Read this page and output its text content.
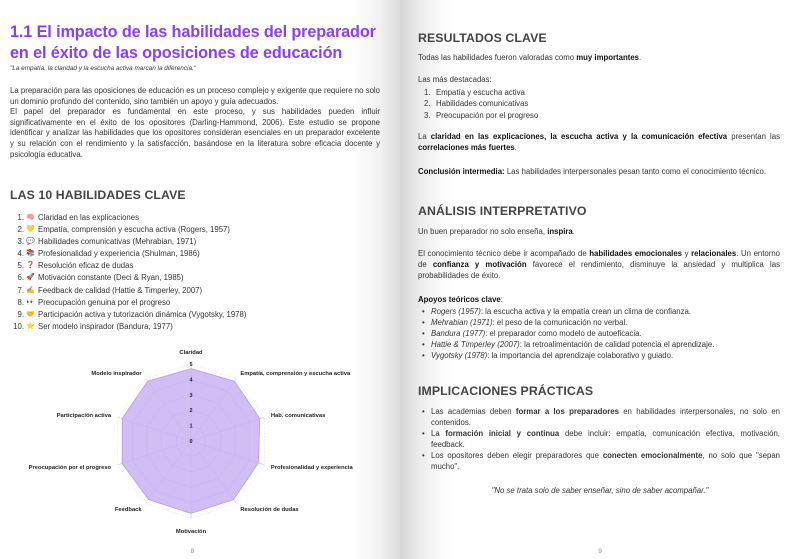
1.1 El impacto de las habilidades del preparador en el éxito de las oposiciones de educación
"La empatía, la claridad y la escucha activa marcan la diferencia."

La preparación para las oposiciones de educación es un proceso complejo y exigente que requiere no solo un dominio profundo del contenido, sino también un apoyo y guía adecuados.

El papel del preparador es fundamental en este proceso, y sus habilidades pueden influir significativamente en el éxito de los opositores (Darling-Hammond, 2006). Este estudio se propone identificar y analizar las habilidades que los opositores consideran esenciales en un preparador excelente y su relación con el rendimiento y la satisfacción, basándose en la literatura sobre eficacia docente y psicología educativa.

LAS 10 HABILIDADES CLAVE
1. 🧠 Claridad en las explicaciones
2. 💛 Empatía, comprensión y escucha activa (Rogers, 1957)
3. 💬 Habilidades comunicativas (Mehrabian, 1971)
4. 📚 Profesionalidad y experiencia (Shulman, 1986)
5. ❓ Resolución eficaz de dudas
6. 🚀 Motivación constante (Deci & Ryan, 1985)
7. ✍️ Feedback de calidad (Hattie & Timperley, 2007)
8. 👀 Preocupación genuina por el progreso
9. 🤝 Participación activa y tutorización dinámica (Vygotsky, 1978)
10. ⭐ Ser modelo inspirador (Bandura, 1977)
0
1
2
3
4
5
Claridad
Empatía, comprensión y escucha activa
Hab. comunicativas
Profesionalidad y experiencia
Resolución de dudas
Motivación
Feedback
Preocupación por el progreso
Participación activa
Modelo inspirador
8
RESULTADOS CLAVE
Todas las habilidades fueron valoradas como muy importantes.
Las más destacadas:
1. Empatía y escucha activa
2. Habilidades comunicativas
3. Preocupación por el progreso
La claridad en las explicaciones, la escucha activa y la comunicación efectiva presentan las correlaciones más fuertes.
Conclusión intermedia: Las habilidades interpersonales pesan tanto como el conocimiento técnico.
ANÁLISIS INTERPRETATIVO
Un buen preparador no solo enseña, inspira.
El conocimiento técnico debe ir acompañado de habilidades emocionales y relacionales. Un entorno de confianza y motivación favorece el rendimiento, disminuye la ansiedad y multiplica las probabilidades de éxito.
Apoyos teóricos clave:
• Rogers (1957): la escucha activa y la empatía crean un clima de confianza.
• Mehrabian (1971): el peso de la comunicación no verbal.
• Bandura (1977): el preparador como modelo de autoeficacia.
• Hattie & Timperley (2007): la retroalimentación de calidad potencia el aprendizaje.
• Vygotsky (1978): la importancia del aprendizaje colaborativo y guiado.
IMPLICACIONES PRÁCTICAS
• Las academias deben formar a los preparadores en habilidades interpersonales, no solo en contenidos.
• La formación inicial y continua debe incluir: empatía, comunicación efectiva, motivación, feedback.
• Los opositores deben elegir preparadores que conecten emocionalmente, no solo que "sepan mucho".
"No se trata solo de saber enseñar, sino de saber acompañar."
9
